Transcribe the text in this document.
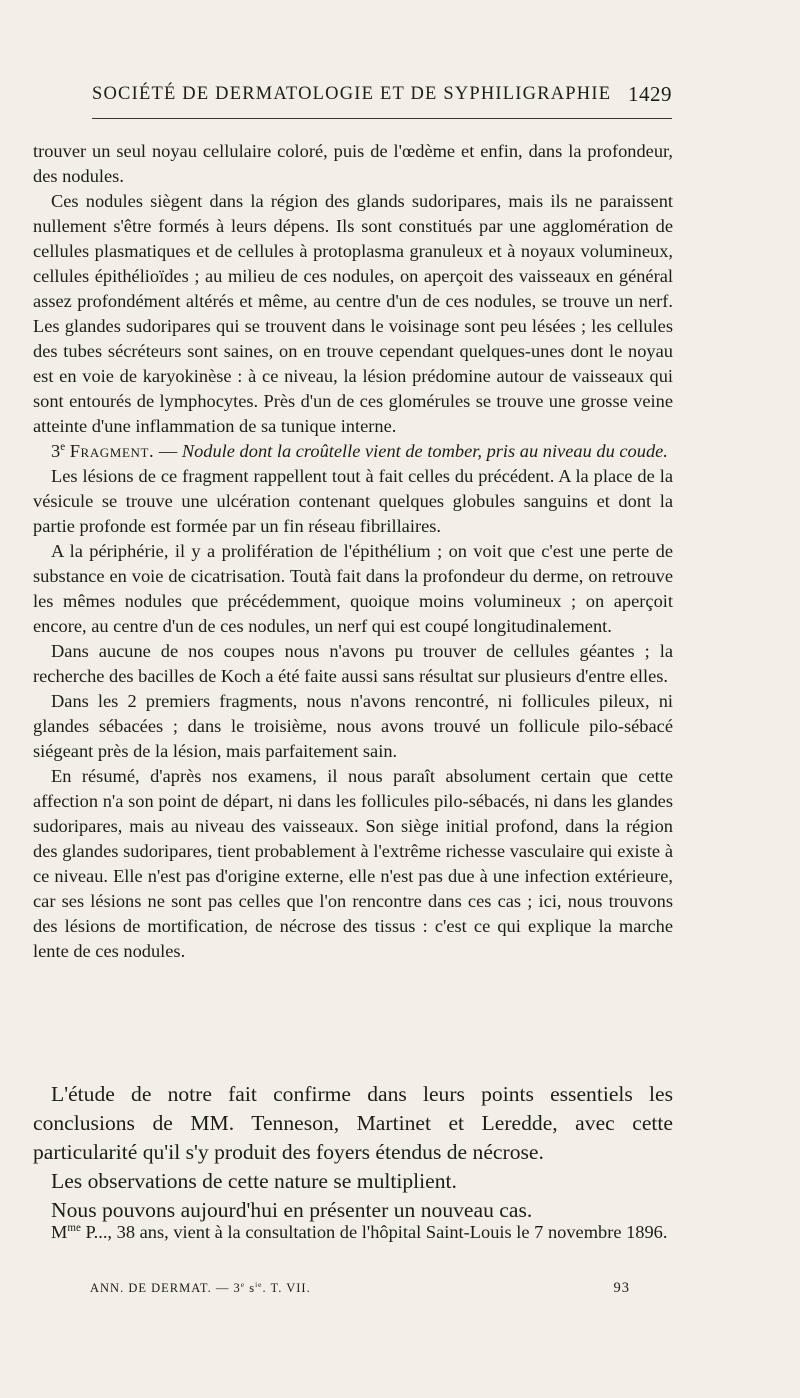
SOCIÉTÉ DE DERMATOLOGIE ET DE SYPHILIGRAPHIE 1429

trouver un seul noyau cellulaire coloré, puis de l'œdème et enfin, dans la profondeur, des nodules.

Ces nodules siègent dans la région des glands sudoripares, mais ils ne paraissent nullement s'être formés à leurs dépens. Ils sont constitués par une agglomération de cellules plasmatiques et de cellules à protoplasma granuleux et à noyaux volumineux, cellules épithélioïdes ; au milieu de ces nodules, on aperçoit des vaisseaux en général assez profondément altérés et même, au centre d'un de ces nodules, se trouve un nerf. Les glandes sudoripares qui se trouvent dans le voisinage sont peu lésées ; les cellules des tubes sécréteurs sont saines, on en trouve cependant quelques-unes dont le noyau est en voie de karyokinèse : à ce niveau, la lésion prédomine autour de vaisseaux qui sont entourés de lymphocytes. Près d'un de ces glomérules se trouve une grosse veine atteinte d'une inflammation de sa tunique interne.

3e Fragment. — Nodule dont la croûtelle vient de tomber, pris au niveau du coude.

Les lésions de ce fragment rappellent tout à fait celles du précédent. A la place de la vésicule se trouve une ulcération contenant quelques globules sanguins et dont la partie profonde est formée par un fin réseau fibrillaires.

A la périphérie, il y a prolifération de l'épithélium ; on voit que c'est une perte de substance en voie de cicatrisation. Toutà fait dans la profondeur du derme, on retrouve les mêmes nodules que précédemment, quoique moins volumineux ; on aperçoit encore, au centre d'un de ces nodules, un nerf qui est coupé longitudinalement.

Dans aucune de nos coupes nous n'avons pu trouver de cellules géantes ; la recherche des bacilles de Koch a été faite aussi sans résultat sur plusieurs d'entre elles.

Dans les 2 premiers fragments, nous n'avons rencontré, ni follicules pileux, ni glandes sébacées ; dans le troisième, nous avons trouvé un follicule pilo-sébacé siégeant près de la lésion, mais parfaitement sain.

En résumé, d'après nos examens, il nous paraît absolument certain que cette affection n'a son point de départ, ni dans les follicules pilo-sébacés, ni dans les glandes sudoripares, mais au niveau des vaisseaux. Son siège initial profond, dans la région des glandes sudoripares, tient probablement à l'extrême richesse vasculaire qui existe à ce niveau. Elle n'est pas d'origine externe, elle n'est pas due à une infection extérieure, car ses lésions ne sont pas celles que l'on rencontre dans ces cas ; ici, nous trouvons des lésions de mortification, de nécrose des tissus : c'est ce qui explique la marche lente de ces nodules.

L'étude de notre fait confirme dans leurs points essentiels les conclusions de MM. Tenneson, Martinet et Leredde, avec cette particularité qu'il s'y produit des foyers étendus de nécrose.

Les observations de cette nature se multiplient.

Nous pouvons aujourd'hui en présenter un nouveau cas.

$M^{me}$ P..., 38 ans, vient à la consultation de l'hôpital Saint-Louis le 7 novembre 1896.

ANN. DE DERMAT. — 3e $s^{ie}$. T. VII.	93
